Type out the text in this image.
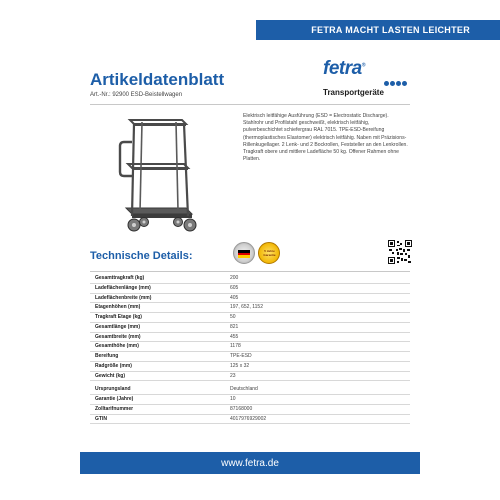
FETRA MACHT LASTEN LEICHTER
Artikeldatenblatt
Art.-Nr.: 92900 ESD-Beistellwagen
fetra®
Transportgeräte
Elektrisch leitfähige Ausführung (ESD = Electrostatic Discharge). Stahlrohr und Profilstahl geschweißt, elektrisch leitfähig, pulverbeschichtet schiefergrau RAL 7015. TPE-ESD-Bereifung (thermoplastisches Elastomer) elektrisch leitfähig. Naben mit Präzisions-Rillenkugellager. 2 Lenk- und 2 Bockrollen, Feststeller an den Lenkrollen. Tragkraft obere und mittlere Ladefläche 50 kg. Offener Rahmen ohne Platten.
Technische Details:	5 Jahre Garantie
Gesamttragkraft (kg)	200
Ladeflächenlänge (mm)	605
Ladeflächenbreite (mm)	405
Etagenhöhen (mm)	197, 652, 1152
Tragkraft Etage (kg)	50
Gesamtlänge (mm)	821
Gesamtbreite (mm)	455
Gesamthöhe (mm)	1178
Bereifung	TPE-ESD
Radgröße (mm)	125 x 32
Gewicht (kg)	23
Ursprungsland	Deutschland
Garantie (Jahre)	10
Zolltarifnummer	87168000
GTIN	4017976929002
www.fetra.de
